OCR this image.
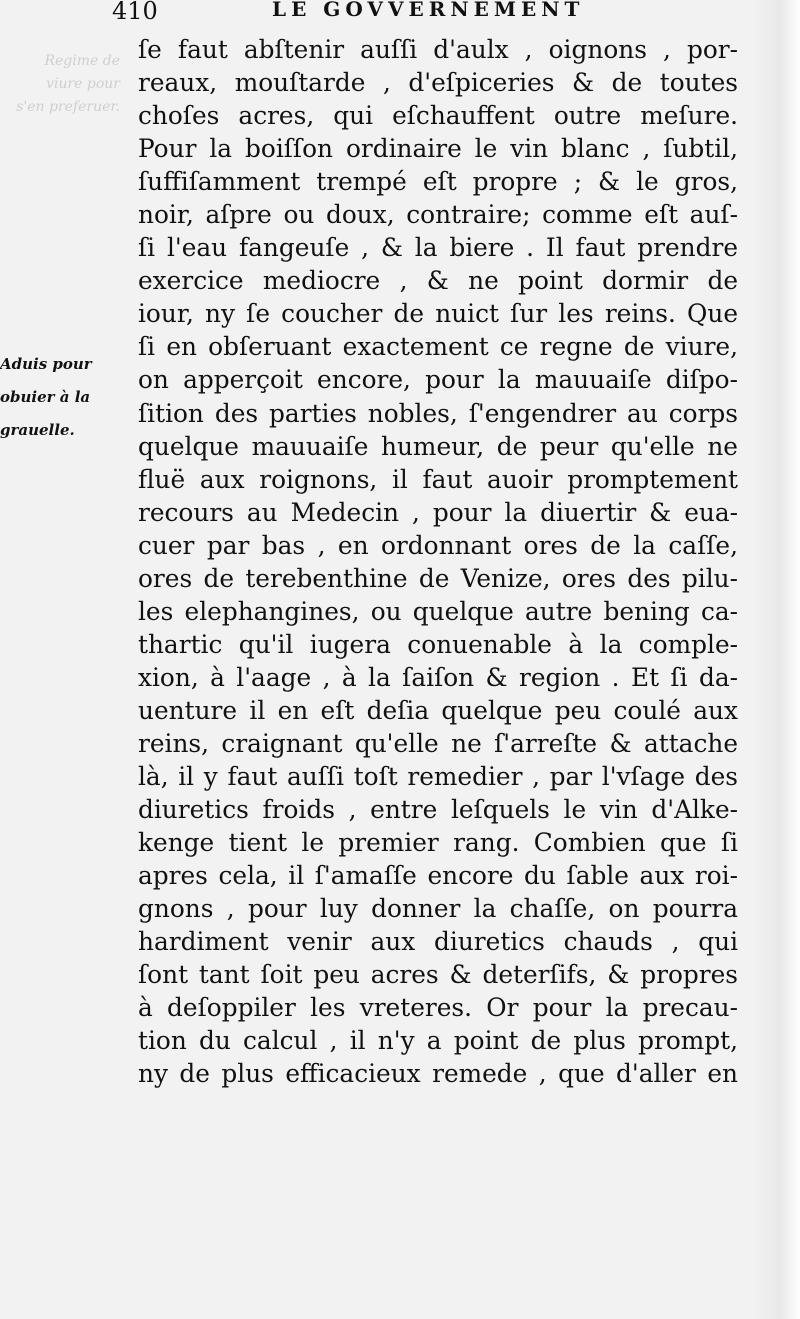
410	LE GOVVERNEMENT
Regime de
viure pour
s'en preferuer.
Aduis pour
obuier à la
grauelle.
ſe faut abſtenir auſſi d'aulx , oignons , por-
reaux, mouſtarde , d'eſpiceries & de toutes
choſes acres, qui eſchauffent outre meſure.
Pour la boiſſon ordinaire le vin blanc , ſubtil,
ſuffiſamment trempé eſt propre ; & le gros,
noir, aſpre ou doux, contraire; comme eſt auſ-
ſi l'eau fangeuſe , & la biere . Il faut prendre
exercice mediocre , & ne point dormir de
iour, ny ſe coucher de nuict ſur les reins. Que
ſi en obſeruant exactement ce regne de viure,
on apperçoit encore, pour la mauuaiſe diſpo-
ſition des parties nobles, ſ'engendrer au corps
quelque mauuaiſe humeur, de peur qu'elle ne
fluë aux roignons, il faut auoir promptement
recours au Medecin , pour la diuertir & eua-
cuer par bas , en ordonnant ores de la caſſe,
ores de terebenthine de Venize, ores des pilu-
les elephangines, ou quelque autre bening ca-
thartic qu'il iugera conuenable à la comple-
xion, à l'aage , à la ſaiſon & region . Et ſi da-
uenture il en eſt deſia quelque peu coulé aux
reins, craignant qu'elle ne ſ'arreſte & attache
là, il y faut auſſi toſt remedier , par l'vſage des
diuretics froids , entre leſquels le vin d'Alke-
kenge tient le premier rang. Combien que ſi
apres cela, il ſ'amaſſe encore du ſable aux roi-
gnons , pour luy donner la chaſſe, on pourra
hardiment venir aux diuretics chauds , qui
ſont tant ſoit peu acres & deterſifs, & propres
à deſoppiler les vreteres. Or pour la precau-
tion du calcul , il n'y a point de plus prompt,
ny de plus efficacieux remede , que d'aller en
